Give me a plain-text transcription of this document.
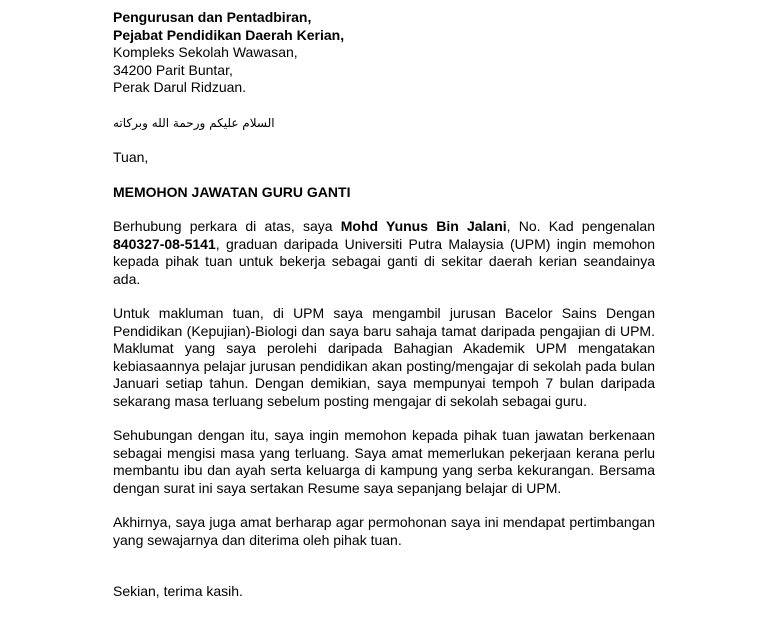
Pengurusan dan Pentadbiran,
Pejabat Pendidikan Daerah Kerian,
Kompleks Sekolah Wawasan,
34200 Parit Buntar,
Perak Darul Ridzuan.
السلام عليكم ورحمة الله وبركاته
Tuan,
MEMOHON JAWATAN GURU GANTI

Berhubung perkara di atas, saya Mohd Yunus Bin Jalani, No. Kad pengenalan 840327-08-5141, graduan daripada Universiti Putra Malaysia (UPM) ingin memohon kepada pihak tuan untuk bekerja sebagai ganti di sekitar daerah kerian seandainya ada.

Untuk makluman tuan, di UPM saya mengambil jurusan Bacelor Sains Dengan Pendidikan (Kepujian)-Biologi dan saya baru sahaja tamat daripada pengajian di UPM. Maklumat yang saya perolehi daripada Bahagian Akademik UPM mengatakan kebiasaannya pelajar jurusan pendidikan akan posting/mengajar di sekolah pada bulan Januari setiap tahun. Dengan demikian, saya mempunyai tempoh 7 bulan daripada sekarang masa terluang sebelum posting mengajar di sekolah sebagai guru.

Sehubungan dengan itu, saya ingin memohon kepada pihak tuan jawatan berkenaan sebagai mengisi masa yang terluang. Saya amat memerlukan pekerjaan kerana perlu membantu ibu dan ayah serta keluarga di kampung yang serba kekurangan. Bersama dengan surat ini saya sertakan Resume saya sepanjang belajar di UPM.

Akhirnya, saya juga amat berharap agar permohonan saya ini mendapat pertimbangan yang sewajarnya dan diterima oleh pihak tuan.

Sekian, terima kasih.
